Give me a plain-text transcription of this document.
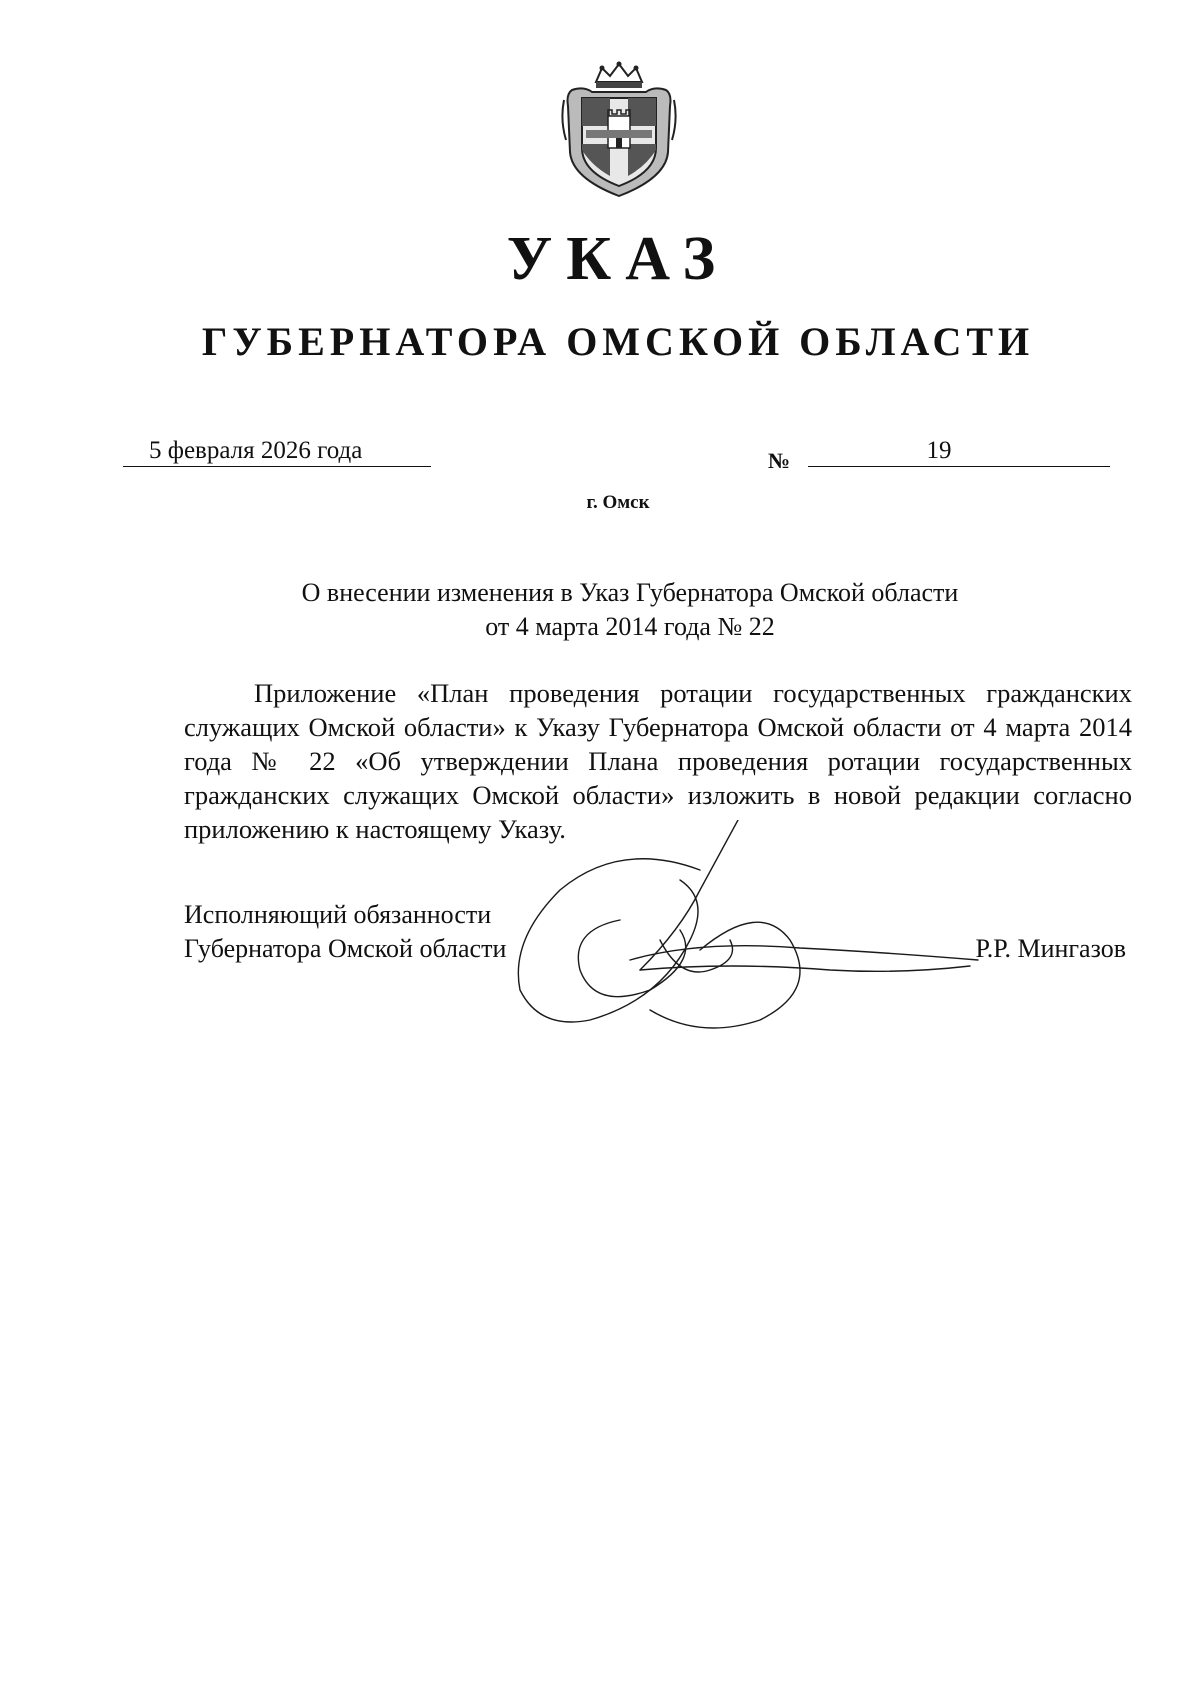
УКАЗ
ГУБЕРНАТОРА ОМСКОЙ ОБЛАСТИ
5 февраля 2026 года	№	19
г. Омск
О внесении изменения в Указ Губернатора Омской области
от 4 марта 2014 года № 22
Приложение «План проведения ротации государственных гражданских служащих Омской области» к Указу Губернатора Омской области от 4 марта 2014 года № 22 «Об утверждении Плана проведения ротации государственных гражданских служащих Омской области» изложить в новой редакции согласно приложению к настоящему Указу.
Исполняющий обязанности
Губернатора Омской области	Р.Р. Мингазов
